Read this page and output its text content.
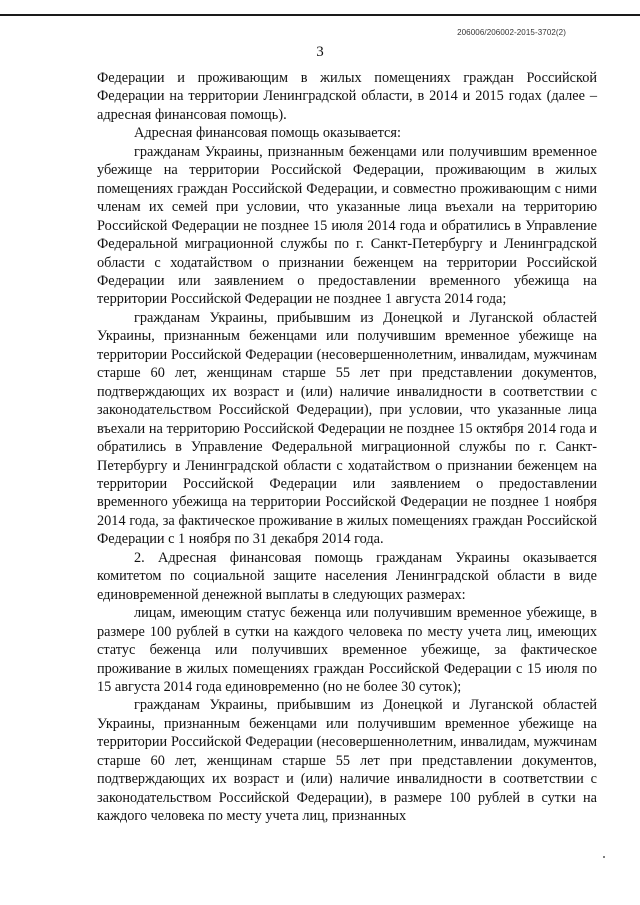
206006/206002-2015-3702(2)
3

Федерации и проживающим в жилых помещениях граждан Российской Федерации на территории Ленинградской области, в 2014 и 2015 годах (далее – адресная финансовая помощь).

Адресная финансовая помощь оказывается:

гражданам Украины, признанным беженцами или получившим временное убежище на территории Российской Федерации, проживающим в жилых помещениях граждан Российской Федерации, и совместно проживающим с ними членам их семей при условии, что указанные лица въехали на территорию Российской Федерации не позднее 15 июля 2014 года и обратились в Управление Федеральной миграционной службы по г. Санкт-Петербургу и Ленинградской области с ходатайством о признании беженцем на территории Российской Федерации или заявлением о предоставлении временного убежища на территории Российской Федерации не позднее 1 августа 2014 года;

гражданам Украины, прибывшим из Донецкой и Луганской областей Украины, признанным беженцами или получившим временное убежище на территории Российской Федерации (несовершеннолетним, инвалидам, мужчинам старше 60 лет, женщинам старше 55 лет при представлении документов, подтверждающих их возраст и (или) наличие инвалидности в соответствии с законодательством Российской Федерации), при условии, что указанные лица въехали на территорию Российской Федерации не позднее 15 октября 2014 года и обратились в Управление Федеральной миграционной службы по г. Санкт-Петербургу и Ленинградской области с ходатайством о признании беженцем на территории Российской Федерации или заявлением о предоставлении временного убежища на территории Российской Федерации не позднее 1 ноября 2014 года, за фактическое проживание в жилых помещениях граждан Российской Федерации с 1 ноября по 31 декабря 2014 года.

2. Адресная финансовая помощь гражданам Украины оказывается комитетом по социальной защите населения Ленинградской области в виде единовременной денежной выплаты в следующих размерах:

лицам, имеющим статус беженца или получившим временное убежище, в размере 100 рублей в сутки на каждого человека по месту учета лиц, имеющих статус беженца или получивших временное убежище, за фактическое проживание в жилых помещениях граждан Российской Федерации с 15 июля по 15 августа 2014 года единовременно (но не более 30 суток);

гражданам Украины, прибывшим из Донецкой и Луганской областей Украины, признанным беженцами или получившим временное убежище на территории Российской Федерации (несовершеннолетним, инвалидам, мужчинам старше 60 лет, женщинам старше 55 лет при представлении документов, подтверждающих их возраст и (или) наличие инвалидности в соответствии с законодательством Российской Федерации), в размере 100 рублей в сутки на каждого человека по месту учета лиц, признанных
